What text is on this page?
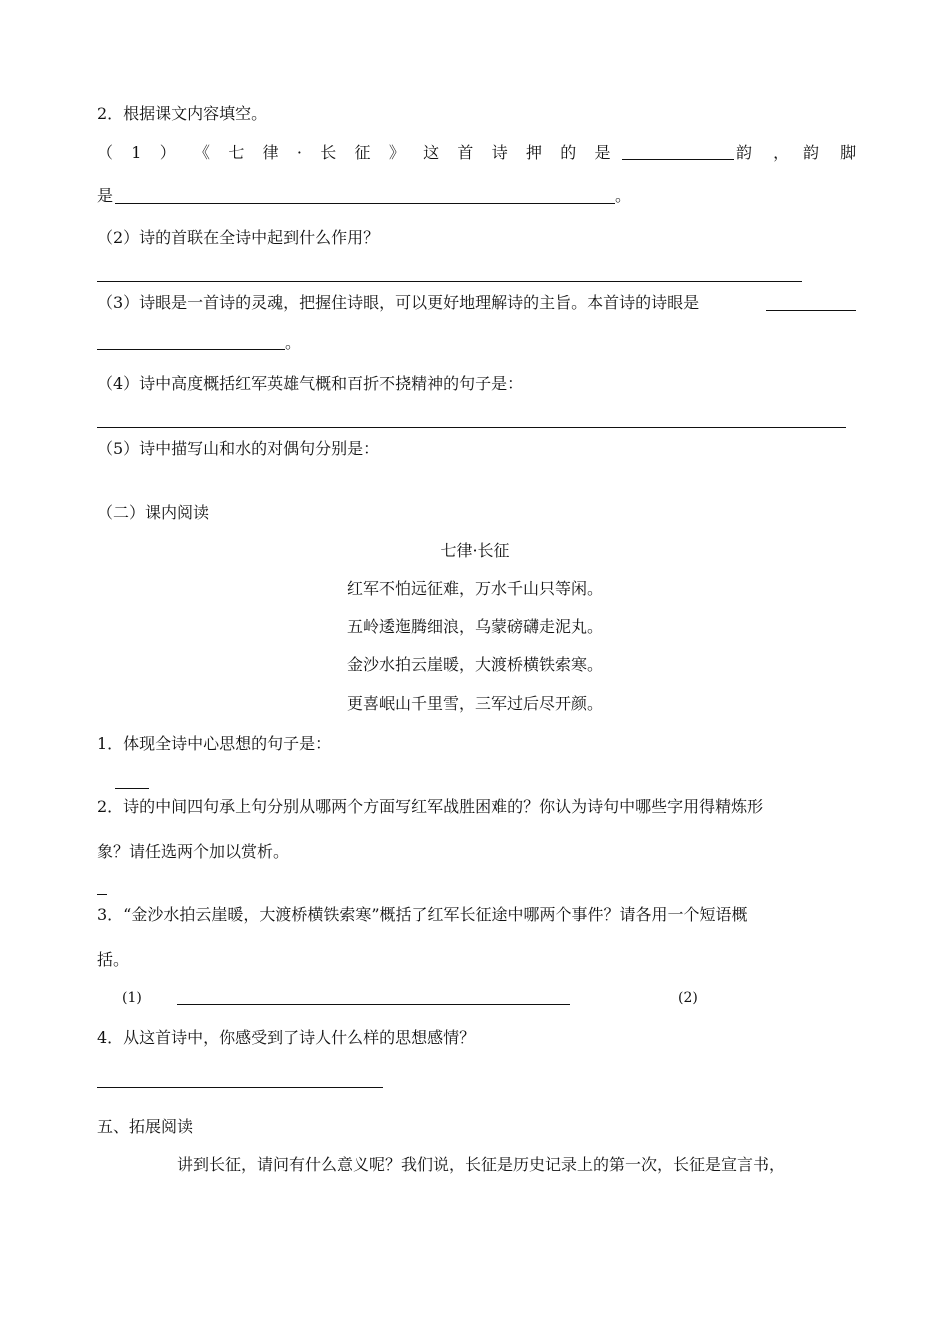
2．根据课文内容填空。
（ 1 ） 《 七 律 · 长 征 》 这 首 诗 押 的 是	韵 ， 韵 脚
是	。
（2）诗的首联在全诗中起到什么作用？
（3）诗眼是一首诗的灵魂，把握住诗眼，可以更好地理解诗的主旨。本首诗的诗眼是
。
（4）诗中高度概括红军英雄气概和百折不挠精神的句子是：
（5）诗中描写山和水的对偶句分别是：
（二）课内阅读
七律·长征
红军不怕远征难，万水千山只等闲。
五岭逶迤腾细浪，乌蒙磅礴走泥丸。
金沙水拍云崖暖，大渡桥横铁索寒。
更喜岷山千里雪，三军过后尽开颜。
1．体现全诗中心思想的句子是：
2．诗的中间四句承上句分别从哪两个方面写红军战胜困难的？你认为诗句中哪些字用得精炼形
象？请任选两个加以赏析。
3．“金沙水拍云崖暖，大渡桥横铁索寒”概括了红军长征途中哪两个事件？请各用一个短语概
括。
(1)	(2)
4．从这首诗中，你感受到了诗人什么样的思想感情？
五、拓展阅读
讲到长征，请问有什么意义呢？我们说，长征是历史记录上的第一次，长征是宣言书，
